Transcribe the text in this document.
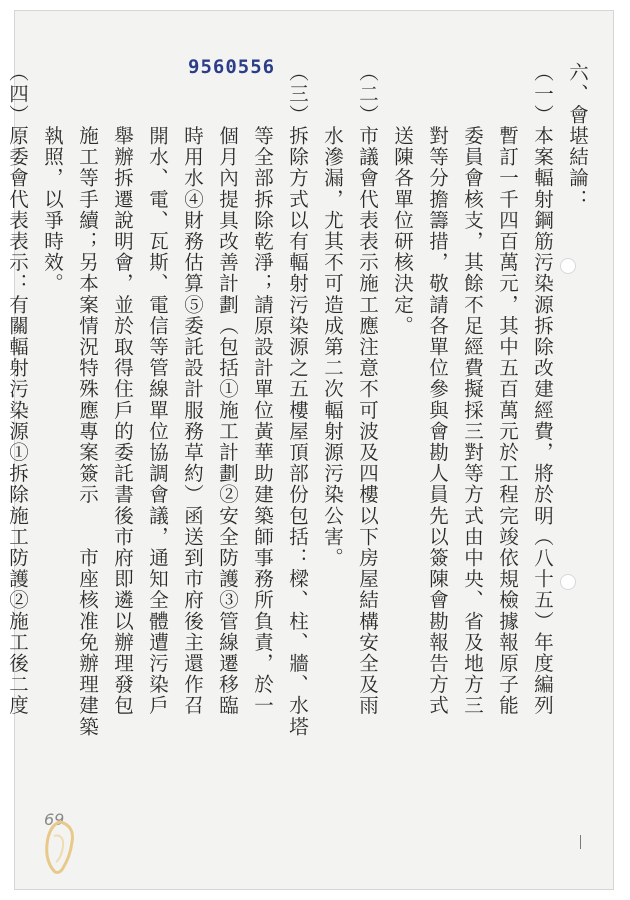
9560556	六、會堪結論：
（一）本案輻射鋼筋污染源拆除改建經費，將於明（八十五）年度編列
　　　暫訂一千四百萬元，其中五百萬元於工程完竣依規檢據報原子能
　　　委員會核支，其餘不足經費擬採三對等方式由中央、省及地方三
　　　對等分擔籌措，敬請各單位參與會勘人員先以簽陳會勘報告方式
　　　送陳各單位研核決定。
（二）市議會代表表示施工應注意不可波及四樓以下房屋結構安全及雨
　　　水滲漏，尤其不可造成第二次輻射源污染公害。
（三）拆除方式以有輻射污染源之五樓屋頂部份包括：樑、柱、牆、水塔
　　　等全部拆除乾淨；請原設計單位黃華助建築師事務所負責，於一
　　　個月內提具改善計劃（包括①施工計劃②安全防護③管線遷移臨
　　　時用水④財務估算⑤委託設計服務草約）函送到市府後主還作召
　　　開水、電、瓦斯、電信等管線單位協調會議，通知全體遭污染戶
　　　舉辦拆遷說明會，並於取得住戶的委託書後市府即遴以辦理發包
　　　施工等手續；另本案情況特殊應專案簽示　　市座核准免辦理建築
　　　執照，以爭時效。
（四）原委會代表表示：有關輻射污染源①拆除施工防護②施工後二度
69
